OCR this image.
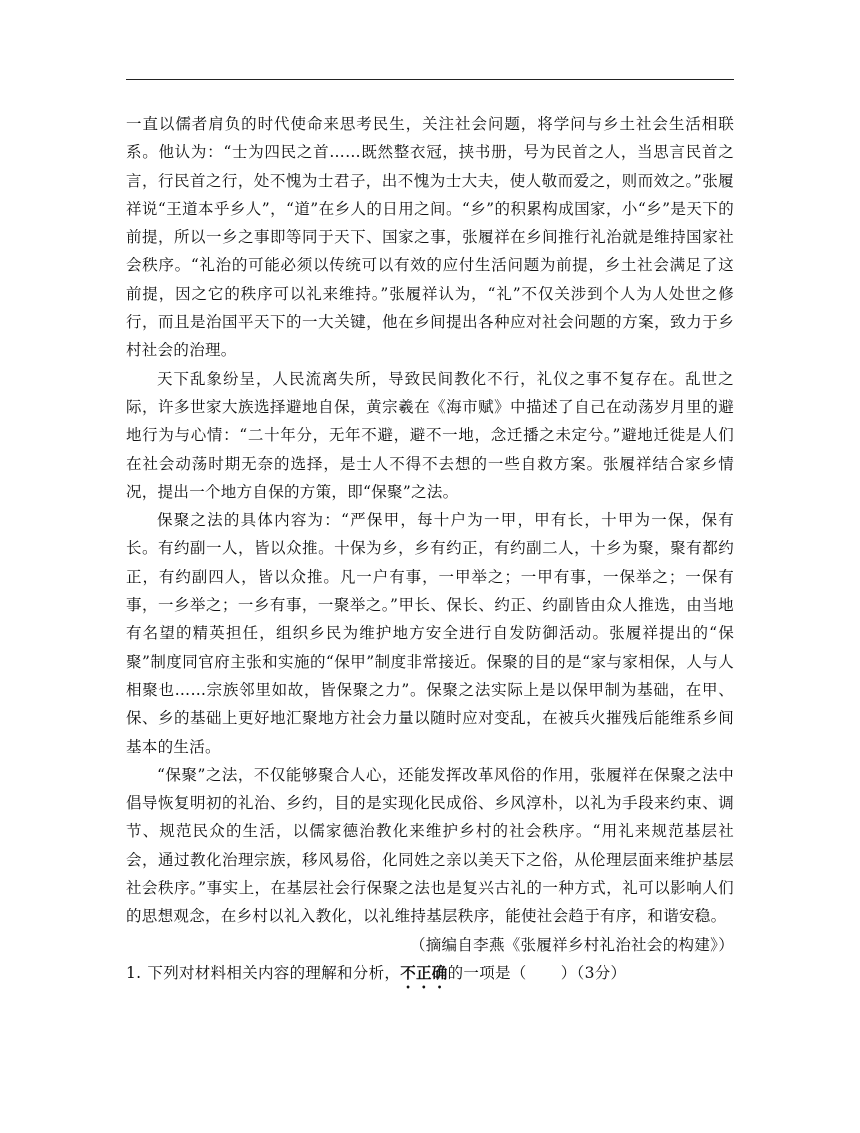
一直以儒者肩负的时代使命来思考民生，关注社会问题，将学问与乡土社会生活相联系。他认为：“士为四民之首……既然整衣冠，挟书册，号为民首之人，当思言民首之言，行民首之行，处不愧为士君子，出不愧为士大夫，使人敬而爱之，则而效之。”张履祥说“王道本乎乡人”，“道”在乡人的日用之间。“乡”的积累构成国家，小“乡”是天下的前提，所以一乡之事即等同于天下、国家之事，张履祥在乡间推行礼治就是维持国家社会秩序。“礼治的可能必须以传统可以有效的应付生活问题为前提，乡土社会满足了这前提，因之它的秩序可以礼来维持。”张履祥认为，“礼”不仅关涉到个人为人处世之修行，而且是治国平天下的一大关键，他在乡间提出各种应对社会问题的方案，致力于乡村社会的治理。

天下乱象纷呈，人民流离失所，导致民间教化不行，礼仪之事不复存在。乱世之际，许多世家大族选择避地自保，黄宗羲在《海市赋》中描述了自己在动荡岁月里的避地行为与心情：“二十年分，无年不避，避不一地，念迁播之未定兮。”避地迁徙是人们在社会动荡时期无奈的选择，是士人不得不去想的一些自救方案。张履祥结合家乡情况，提出一个地方自保的方策，即“保聚”之法。

保聚之法的具体内容为：“严保甲，每十户为一甲，甲有长，十甲为一保，保有长。有约副一人，皆以众推。十保为乡，乡有约正，有约副二人，十乡为聚，聚有都约正，有约副四人，皆以众推。凡一户有事，一甲举之；一甲有事，一保举之；一保有事，一乡举之；一乡有事，一聚举之。”甲长、保长、约正、约副皆由众人推选，由当地有名望的精英担任，组织乡民为维护地方安全进行自发防御活动。张履祥提出的“保聚”制度同官府主张和实施的“保甲”制度非常接近。保聚的目的是“家与家相保，人与人相聚也……宗族邻里如故，皆保聚之力”。保聚之法实际上是以保甲制为基础，在甲、保、乡的基础上更好地汇聚地方社会力量以随时应对变乱，在被兵火摧残后能维系乡间基本的生活。

“保聚”之法，不仅能够聚合人心，还能发挥改革风俗的作用，张履祥在保聚之法中倡导恢复明初的礼治、乡约，目的是实现化民成俗、乡风淳朴，以礼为手段来约束、调节、规范民众的生活，以儒家德治教化来维护乡村的社会秩序。“用礼来规范基层社会，通过教化治理宗族，移风易俗，化同姓之亲以美天下之俗，从伦理层面来维护基层社会秩序。”事实上，在基层社会行保聚之法也是复兴古礼的一种方式，礼可以影响人们的思想观念，在乡村以礼入教化，以礼维持基层秩序，能使社会趋于有序，和谐安稳。

（摘编自李燕《张履祥乡村礼治社会的构建》）

1. 下列对材料相关内容的理解和分析，不正确的一项是（ ）（3分）
